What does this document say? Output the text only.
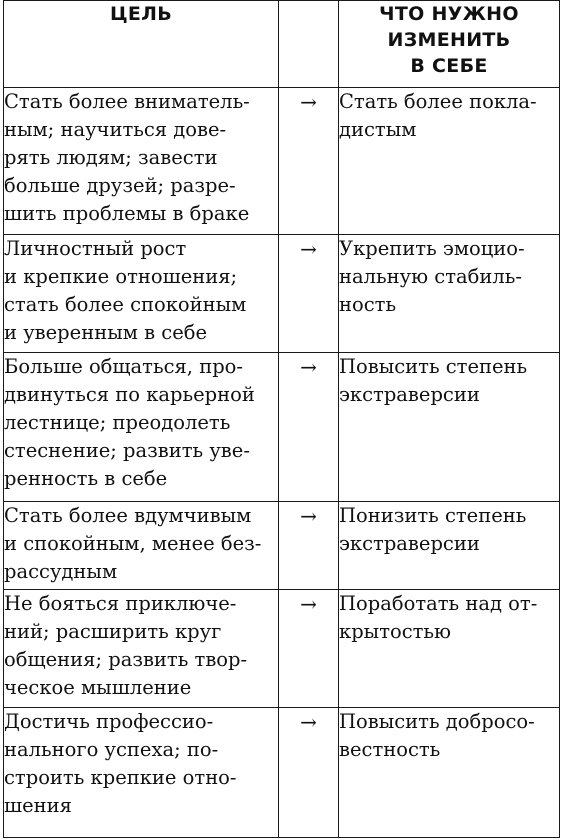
ЦЕЛЬ		ЧТО НУЖНО
ИЗМЕНИТЬ
В СЕБЕ

Стать более вниматель-
ным; научиться дове-
рять людям; завести
больше друзей; разре-
шить проблемы в браке	→	Стать более покла-
дистым

Личностный рост
и крепкие отношения;
стать более спокойным
и уверенным в себе	→	Укрепить эмоцио-
нальную стабиль-
ность

Больше общаться, про-
двинуться по карьерной
лестнице; преодолеть
стеснение; развить уве-
ренность в себе	→	Повысить степень
экстраверсии

Стать более вдумчивым
и спокойным, менее без-
рассудным	→	Понизить степень
экстраверсии

Не бояться приключе-
ний; расширить круг
общения; развить твор-
ческое мышление	→	Поработать над от-
крытостью

Достичь профессио-
нального успеха; по-
строить крепкие отно-
шения	→	Повысить добросо-
вестность
